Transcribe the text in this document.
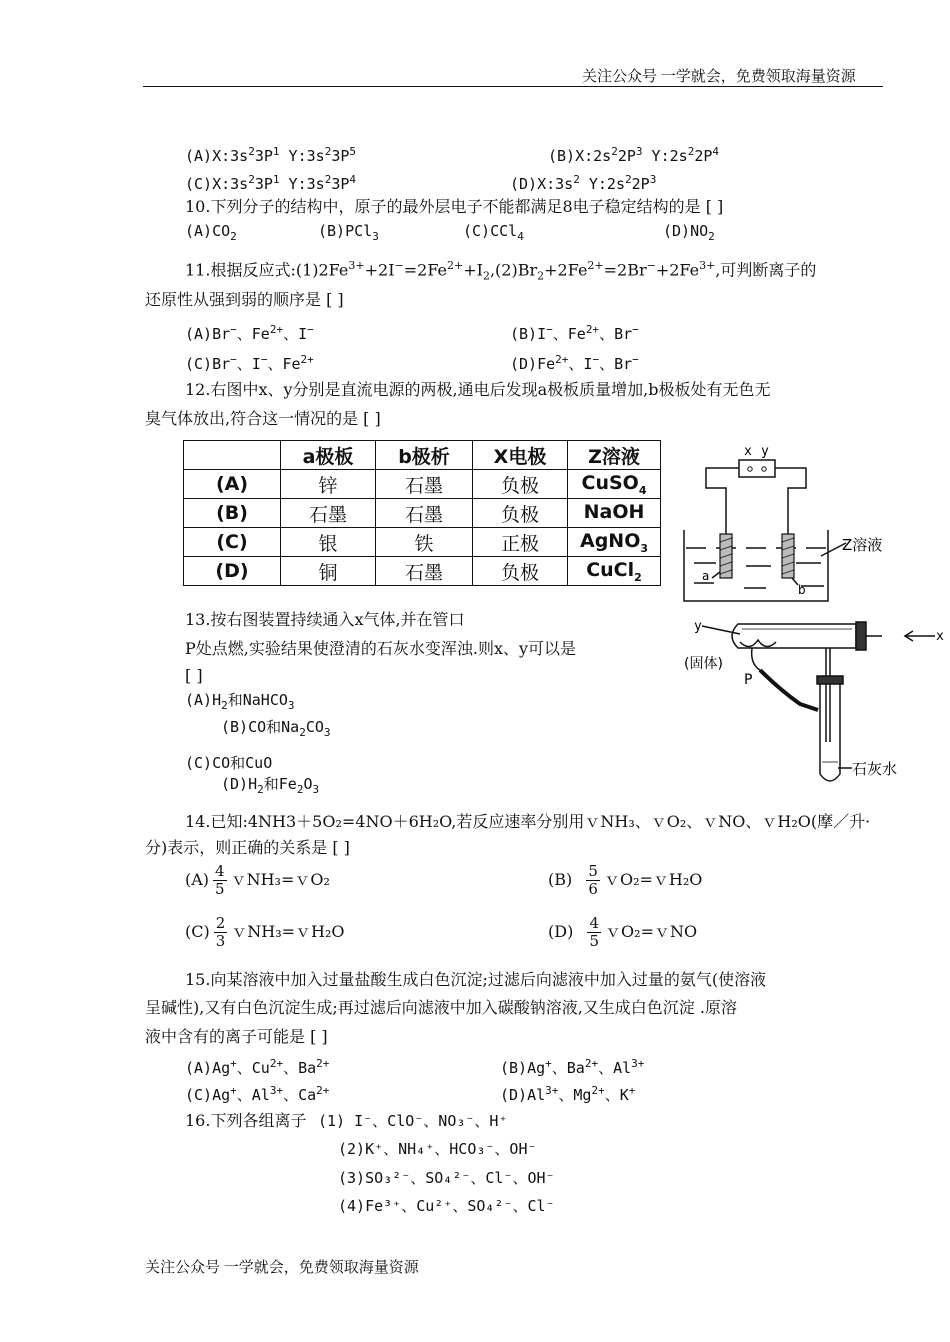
关注公众号 一学就会，免费领取海量资源
$(A)X:3s^23P^1$ $Y:3s^23P^5$	$(B)X:2s^22P^3$ $Y:2s^22P^4$
$(C)X:3s^23P^1$ $Y:3s^23P^4$	$(D)X:3s^2$ $Y:2s^22P^3$
10.下列分子的结构中，原子的最外层电子不能都满足8电子稳定结构的是 [ ]
$(A)CO_2$	(B)PCl$_3$	(C)CCl$_4$	$(D)NO_2$
11.根据反应式$:(1)2Fe^{3+}+2I^-=2Fe^{2+}+I_2,(2)Br_2+2Fe^{2+}=2Br^-+2Fe^{3+}$,可判断离子的
还原性从强到弱的顺序是 [ ]
(A)Br−、$Fe^{2+}$、I−	(B)I−、$Fe^{2+}$、Br−
(C)Br−、I−、$Fe^{2+}$	$(D)Fe^{2+}$、I−、Br−
12.右图中x、y分别是直流电源的两极,通电后发现a极板质量增加,b极板处有无色无
臭气体放出,符合这一情况的是 [ ]
	a极板	b极析	X电极	Z溶液
(A)	锌	石墨	负极	CuSO$_4$
(B)	石墨	石墨	负极	NaOH
(C)	银	铁	正极	AgNO$_3$
(D)	铜	石墨	负极	CuCl$_2$
x y
a
b
Z溶液
13.按右图装置持续通入x气体,并在管口
P处点燃,实验结果使澄清的石灰水变浑浊.则x、y可以是
[ ]
$(A)H_2$和NaHCO$_3$
(B)CO和$Na_2CO_3$
(C)CO和CuO
$(D)H_2$和$Fe_2O_3$
y
x
(固体)
P
石灰水
14.已知:4NH3＋5O₂=4NO＋6H₂O,若反应速率分别用ｖNH₃、ｖO₂、ｖNO、ｖH₂O(摩／升·
分)表示，则正确的关系是 [ ]
$(A) \frac{4}{5}$ ｖNH₃=ｖO₂	$(B) \frac{5}{6}$ ｖO₂=ｖH₂O
$(C) \frac{2}{3}$ ｖNH₃=ｖH₂O	$(D) \frac{4}{5}$ ｖO₂=ｖNO
15.向某溶液中加入过量盐酸生成白色沉淀;过滤后向滤液中加入过量的氨气(使溶液
呈碱性),又有白色沉淀生成;再过滤后向滤液中加入碳酸钠溶液,又生成白色沉淀 .原溶
液中含有的离子可能是 [ ]
(A)Ag+、$Cu^{2+}$、$Ba^{2+}$	(B)Ag+、$Ba^{2+}$、$Al^{3+}$
(C)Ag+、$Al^{3+}$、$Ca^{2+}$	$(D)Al^{3+}$、$Mg^{2+}$、K+
16.下列各组离子 (1) I⁻、ClO⁻、NO₃⁻、H⁺
(2)K⁺、NH₄⁺、HCO₃⁻、OH⁻
(3)SO₃²⁻、SO₄²⁻、Cl⁻、OH⁻
(4)Fe³⁺、Cu²⁺、SO₄²⁻、Cl⁻
关注公众号 一学就会，免费领取海量资源
